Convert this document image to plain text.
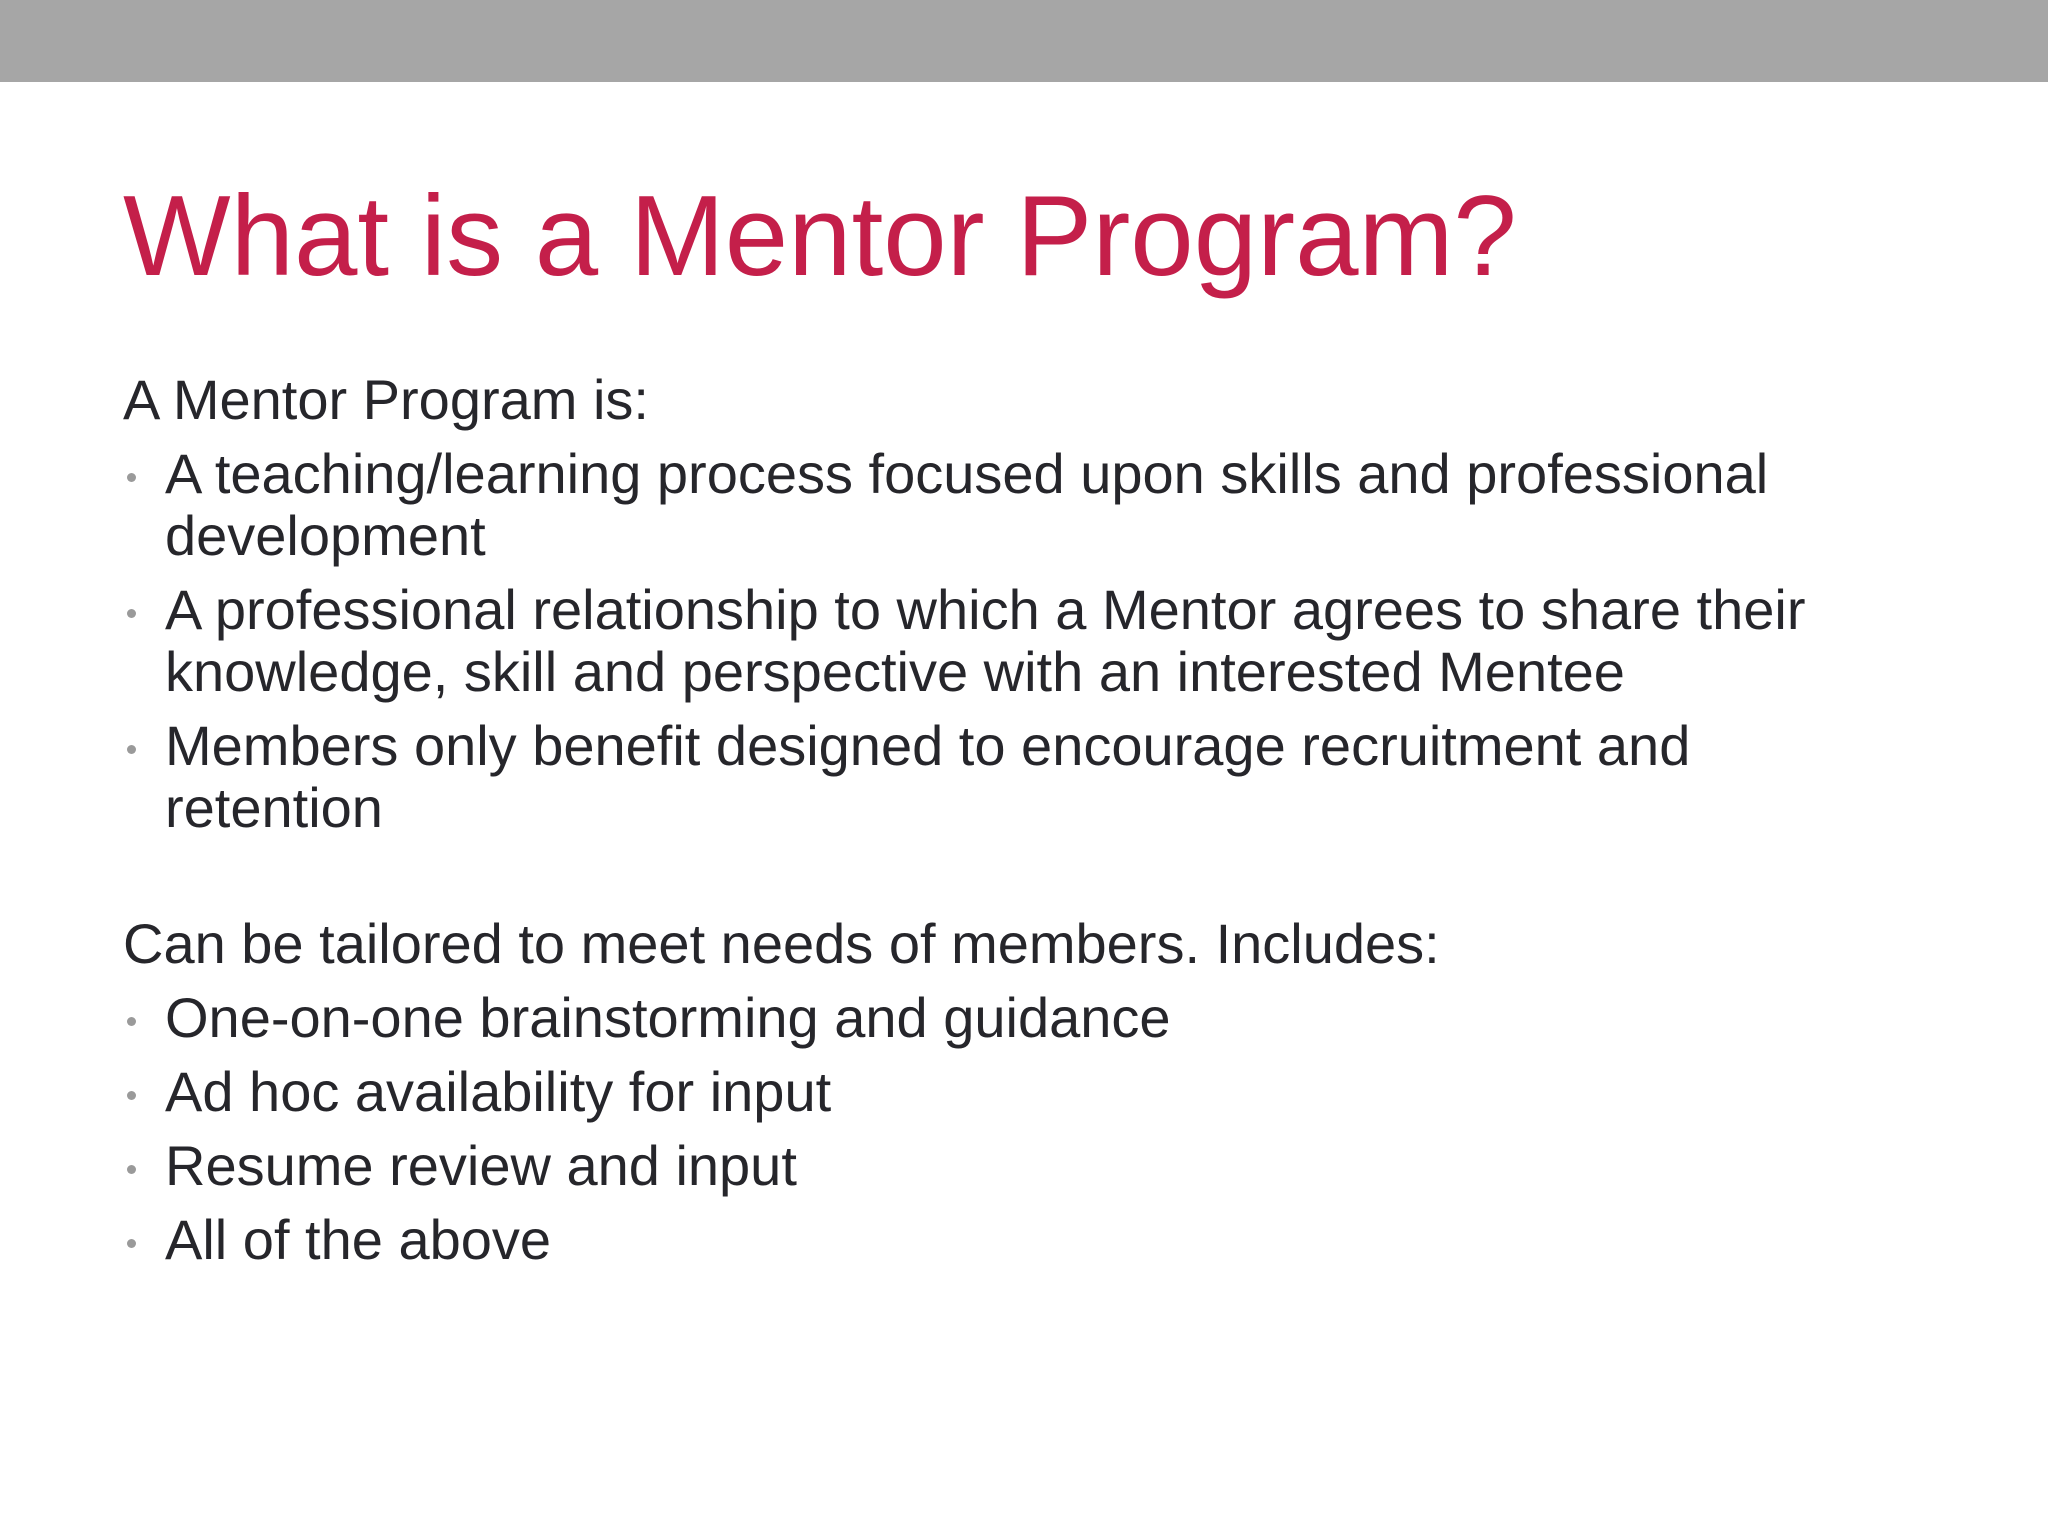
What is a Mentor Program?

A Mentor Program is:

A teaching/learning process focused upon skills and professional development
A professional relationship to which a Mentor agrees to share their knowledge, skill and perspective with an interested Mentee
Members only benefit designed to encourage recruitment and retention

Can be tailored to meet needs of members. Includes:

One-on-one brainstorming and guidance
Ad hoc availability for input
Resume review and input
All of the above
